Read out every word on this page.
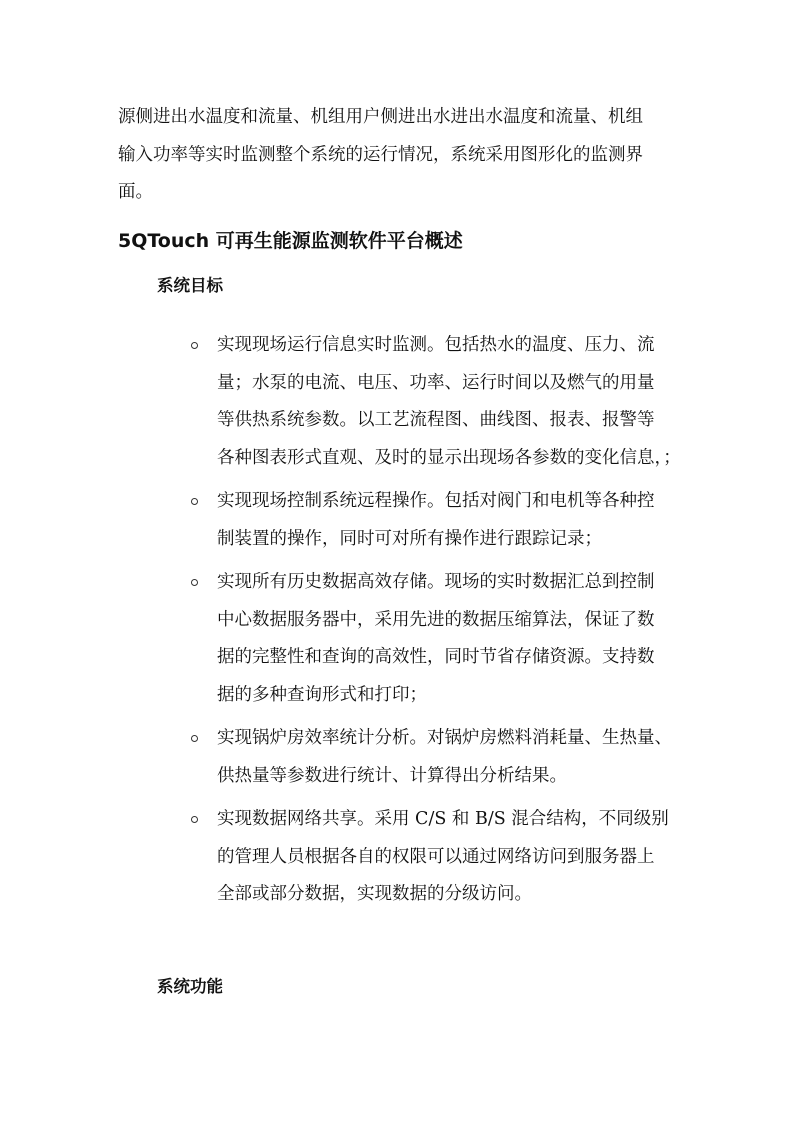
源侧进出水温度和流量、机组用户侧进出水进出水温度和流量、机组
输入功率等实时监测整个系统的运行情况，系统采用图形化的监测界
面。

5QTouch 可再生能源监测软件平台概述
系统目标
实现现场运行信息实时监测。包括热水的温度、压力、流
量；水泵的电流、电压、功率、运行时间以及燃气的用量
等供热系统参数。以工艺流程图、曲线图、报表、报警等
各种图表形式直观、及时的显示出现场各参数的变化信息，；
实现现场控制系统远程操作。包括对阀门和电机等各种控
制装置的操作，同时可对所有操作进行跟踪记录；
实现所有历史数据高效存储。现场的实时数据汇总到控制
中心数据服务器中，采用先进的数据压缩算法，保证了数
据的完整性和查询的高效性，同时节省存储资源。支持数
据的多种查询形式和打印；
实现锅炉房效率统计分析。对锅炉房燃料消耗量、生热量、
供热量等参数进行统计、计算得出分析结果。
实现数据网络共享。采用 C/S 和 B/S 混合结构，不同级别
的管理人员根据各自的权限可以通过网络访问到服务器上
全部或部分数据，实现数据的分级访问。
系统功能
